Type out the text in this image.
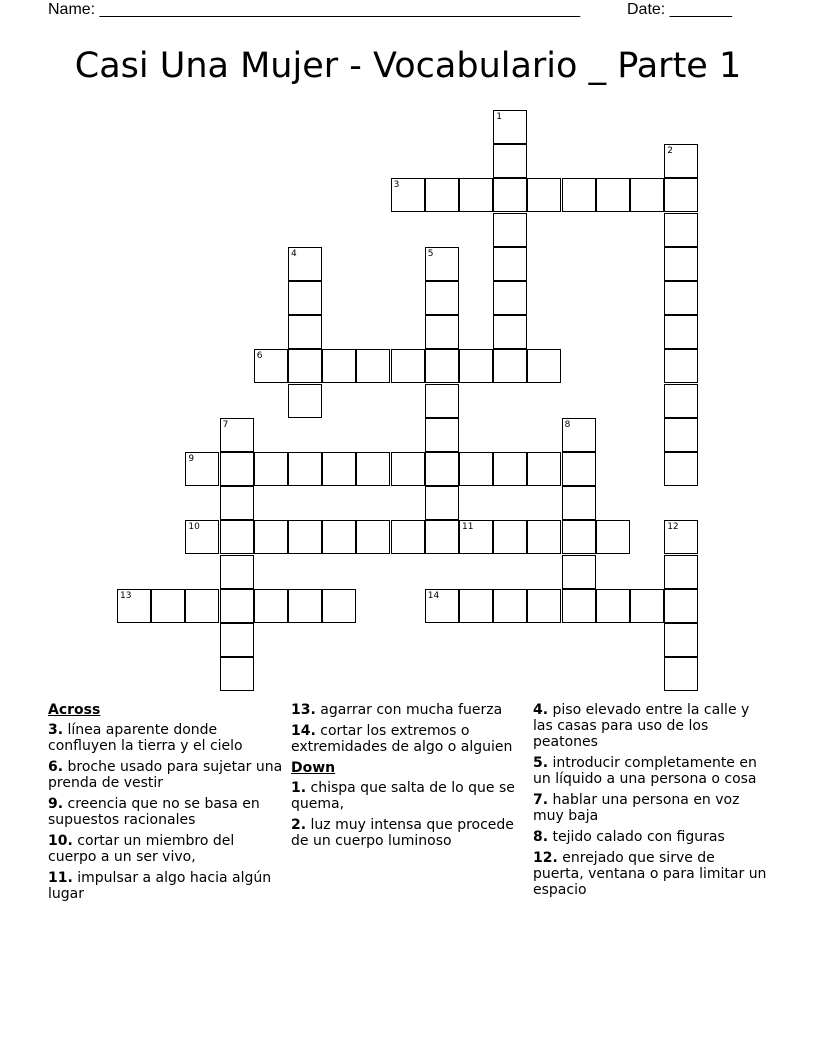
Name: ______________________________________________________	Date: _______
Casi Una Mujer - Vocabulario _ Parte 1
1
2
3
4	5
6
7	8
9
10	11	12
13	14
Across
3. línea aparente donde confluyen la tierra y el cielo
6. broche usado para sujetar una prenda de vestir
9. creencia que no se basa en supuestos racionales
10. cortar un miembro del cuerpo a un ser vivo,
11. impulsar a algo hacia algún lugar
13. agarrar con mucha fuerza
14. cortar los extremos o extremidades de algo o alguien
Down
1. chispa que salta de lo que se quema,
2. luz muy intensa que procede de un cuerpo luminoso
4. piso elevado entre la calle y las casas para uso de los peatones
5. introducir completamente en un líquido a una persona o cosa
7. hablar una persona en voz muy baja
8. tejido calado con figuras
12. enrejado que sirve de puerta, ventana o para limitar un espacio
